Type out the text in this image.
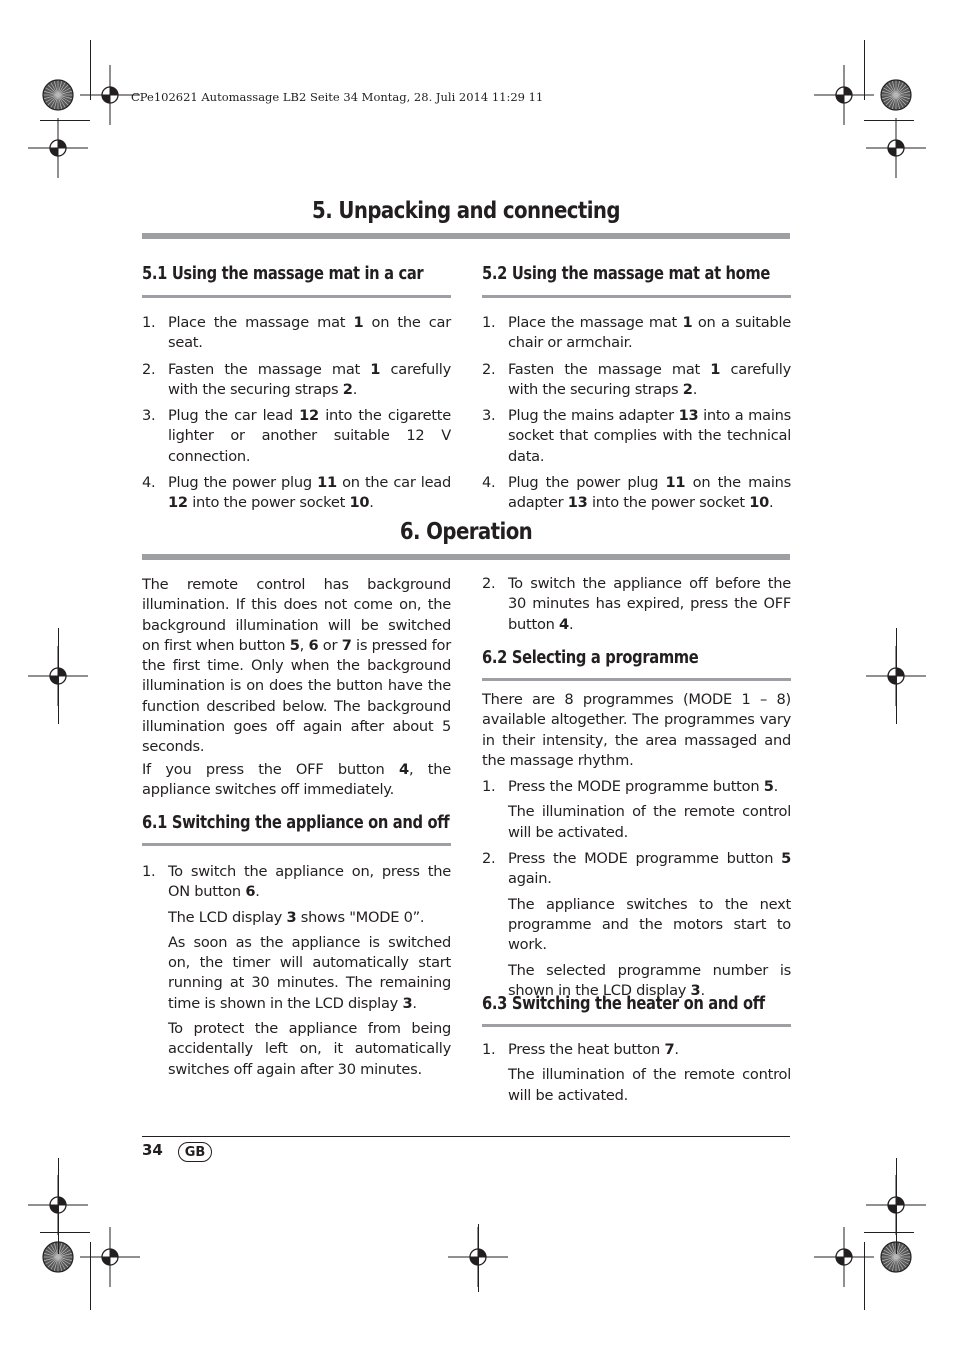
CPe102621 Automassage LB2 Seite 34 Montag, 28. Juli 2014 11:29 11
5. Unpacking and connecting
5.1 Using the massage mat in a car
1. Place the massage mat 1 on the car seat.
2. Fasten the massage mat 1 carefully with the securing straps 2.
3. Plug the car lead 12 into the cigarette lighter or another suitable 12 V connection.
4. Plug the power plug 11 on the car lead 12 into the power socket 10.
5.2 Using the massage mat at home
1. Place the massage mat 1 on a suitable chair or armchair.
2. Fasten the massage mat 1 carefully with the securing straps 2.
3. Plug the mains adapter 13 into a mains socket that complies with the technical data.
4. Plug the power plug 11 on the mains adapter 13 into the power socket 10.
6. Operation

The remote control has background illumination. If this does not come on, the background illumination will be switched on first when button 5, 6 or 7 is pressed for the first time. Only when the background illumination is on does the button have the function described below. The background illumination goes off again after about 5 seconds.

If you press the OFF button 4, the appliance switches off immediately.

6.1 Switching the appliance on and off
1. To switch the appliance on, press the ON button 6.
The LCD display 3 shows "MODE 0”.
As soon as the appliance is switched on, the timer will automatically start running at 30 minutes. The remaining time is shown in the LCD display 3.
To protect the appliance from being accidentally left on, it automatically switches off again after 30 minutes.
2. To switch the appliance off before the 30 minutes has expired, press the OFF button 4.
6.2 Selecting a programme

There are 8 programmes (MODE 1 – 8) available altogether. The programmes vary in their intensity, the area massaged and the massage rhythm.

1. Press the MODE programme button 5.
The illumination of the remote control will be activated.
2. Press the MODE programme button 5 again.
The appliance switches to the next programme and the motors start to work.
The selected programme number is shown in the LCD display 3.
6.3 Switching the heater on and off
1. Press the heat button 7.
The illumination of the remote control will be activated.
34	GB
